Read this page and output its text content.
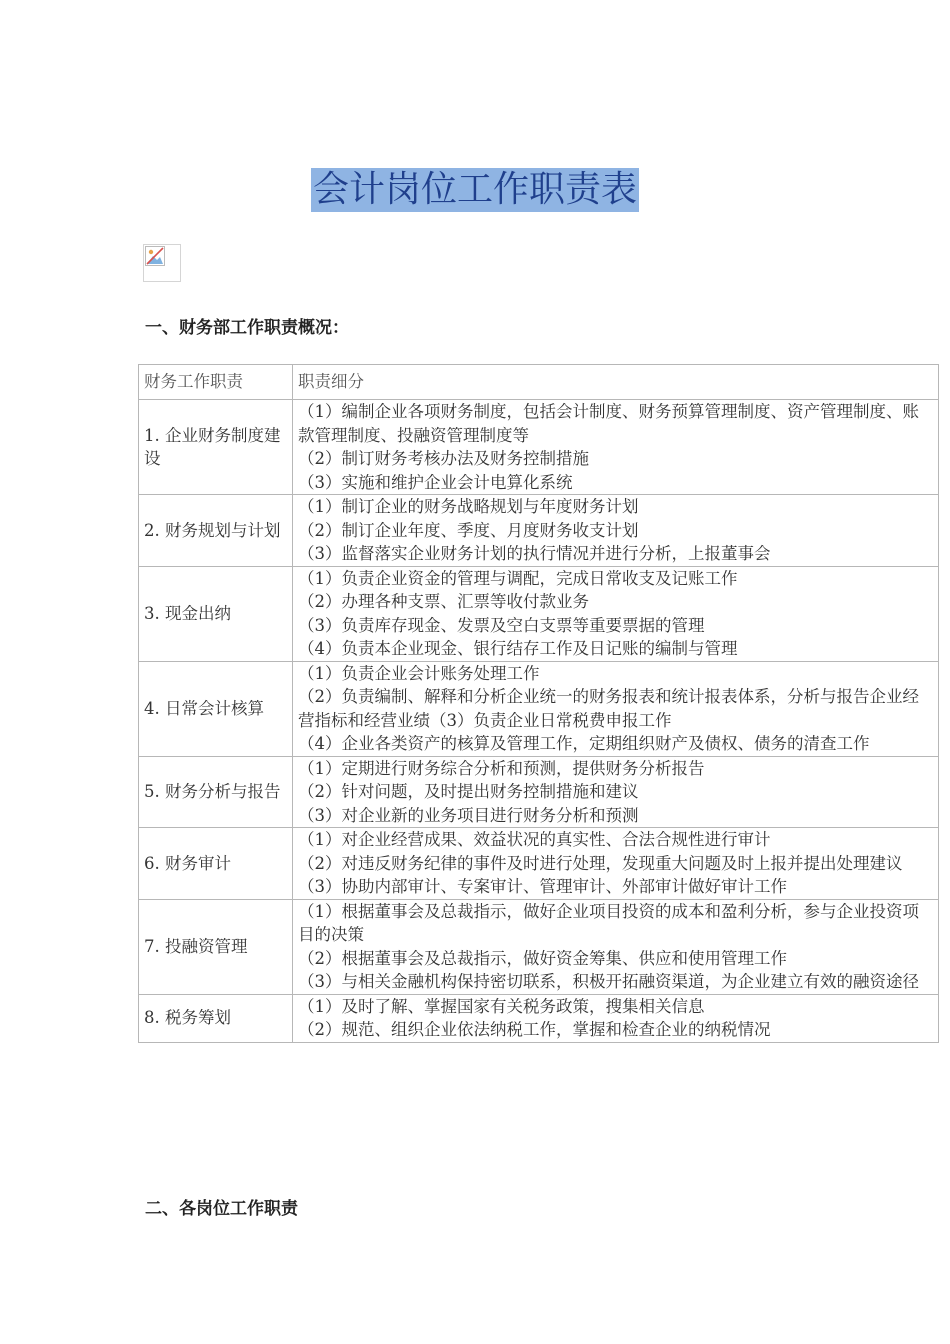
会计岗位工作职责表
一、财务部工作职责概况：
财务工作职责	职责细分
1. 企业财务制度建设	（1）编制企业各项财务制度，包括会计制度、财务预算管理制度、资产管理制度、账款管理制度、投融资管理制度等
（2）制订财务考核办法及财务控制措施
（3）实施和维护企业会计电算化系统

2. 财务规划与计划	（1）制订企业的财务战略规划与年度财务计划
（2）制订企业年度、季度、月度财务收支计划
（3）监督落实企业财务计划的执行情况并进行分析，上报董事会

3. 现金出纳	（1）负责企业资金的管理与调配，完成日常收支及记账工作
（2）办理各种支票、汇票等收付款业务
（3）负责库存现金、发票及空白支票等重要票据的管理
（4）负责本企业现金、银行结存工作及日记账的编制与管理

4. 日常会计核算	（1）负责企业会计账务处理工作
（2）负责编制、解释和分析企业统一的财务报表和统计报表体系，分析与报告企业经营指标和经营业绩（3）负责企业日常税费申报工作
（4）企业各类资产的核算及管理工作，定期组织财产及债权、债务的清查工作

5. 财务分析与报告	（1）定期进行财务综合分析和预测，提供财务分析报告
（2）针对问题，及时提出财务控制措施和建议
（3）对企业新的业务项目进行财务分析和预测

6. 财务审计	（1）对企业经营成果、效益状况的真实性、合法合规性进行审计
（2）对违反财务纪律的事件及时进行处理，发现重大问题及时上报并提出处理建议
（3）协助内部审计、专案审计、管理审计、外部审计做好审计工作

7. 投融资管理	（1）根据董事会及总裁指示，做好企业项目投资的成本和盈利分析，参与企业投资项目的决策
（2）根据董事会及总裁指示，做好资金筹集、供应和使用管理工作
（3）与相关金融机构保持密切联系，积极开拓融资渠道，为企业建立有效的融资途径

8. 税务筹划	（1）及时了解、掌握国家有关税务政策，搜集相关信息
（2）规范、组织企业依法纳税工作，掌握和检查企业的纳税情况
二、各岗位工作职责
